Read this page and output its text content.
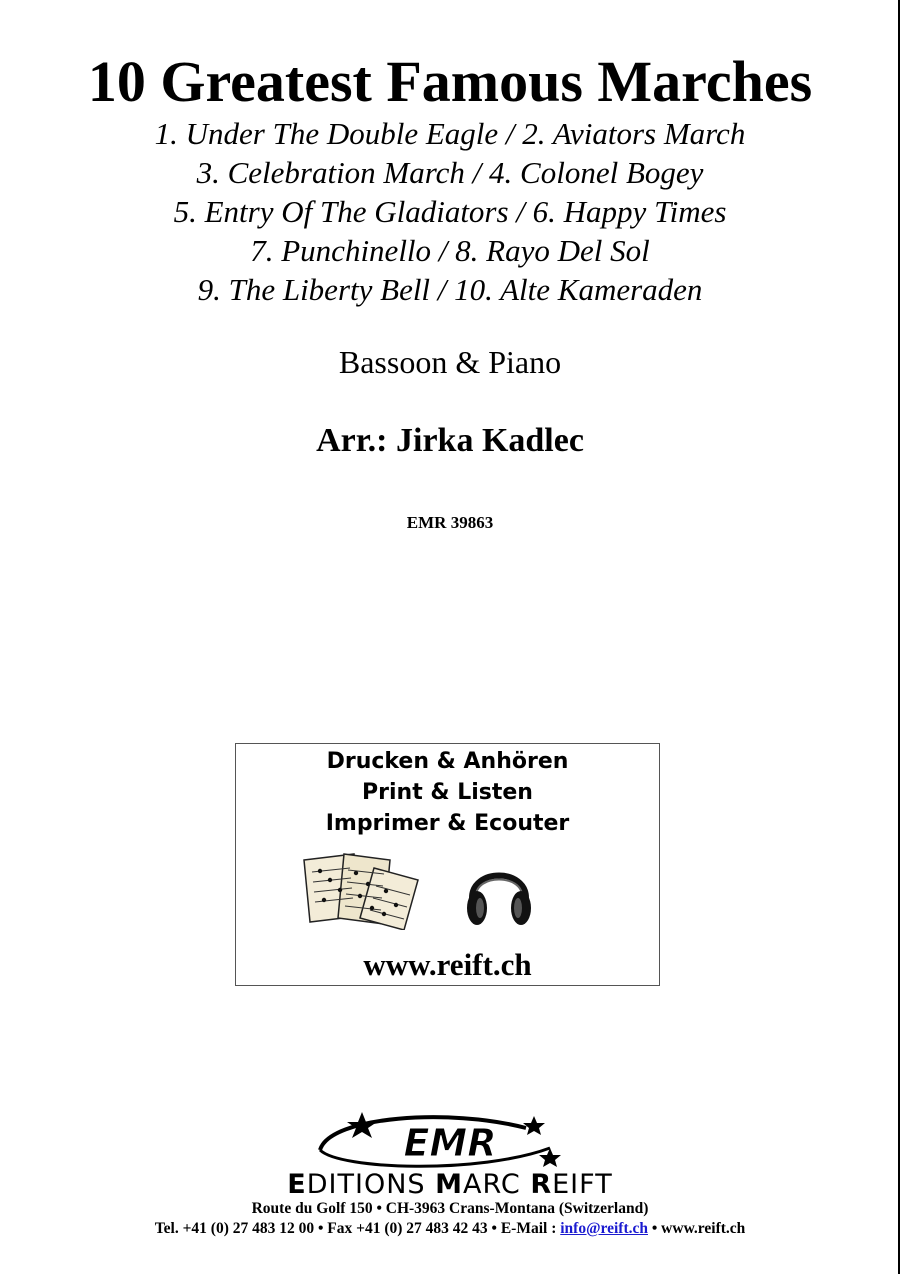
10 Greatest Famous Marches
1. Under The Double Eagle / 2. Aviators March
3. Celebration March / 4. Colonel Bogey
5. Entry Of The Gladiators / 6. Happy Times
7. Punchinello / 8. Rayo Del Sol
9. The Liberty Bell / 10. Alte Kameraden
Bassoon & Piano
Arr.: Jirka Kadlec
EMR 39863
Drucken & Anhören
Print & Listen
Imprimer & Ecouter
www.reift.ch
EMR
EDITIONS MARC REIFT
Route du Golf 150 • CH-3963 Crans-Montana (Switzerland)
Tel. +41 (0) 27 483 12 00 • Fax +41 (0) 27 483 42 43 • E-Mail : info@reift.ch • www.reift.ch
